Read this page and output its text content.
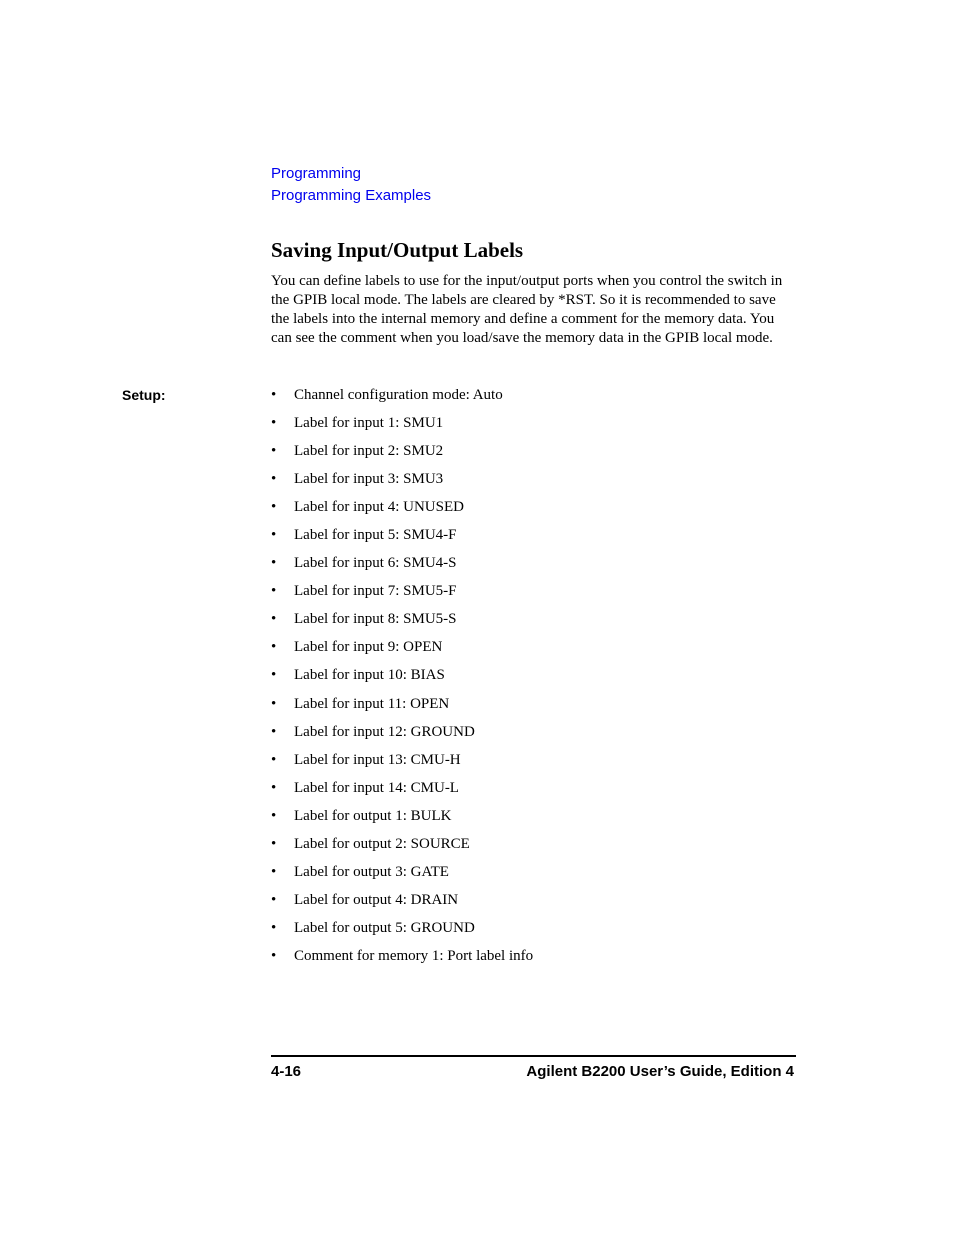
Programming
Programming Examples
Saving Input/Output Labels

You can define labels to use for the input/output ports when you control the switch in the GPIB local mode. The labels are cleared by *RST. So it is recommended to save the labels into the internal memory and define a comment for the memory data. You can see the comment when you load/save the memory data in the GPIB local mode.

Setup:	• Channel configuration mode: Auto
• Label for input 1: SMU1
• Label for input 2: SMU2
• Label for input 3: SMU3
• Label for input 4: UNUSED
• Label for input 5: SMU4-F
• Label for input 6: SMU4-S
• Label for input 7: SMU5-F
• Label for input 8: SMU5-S
• Label for input 9: OPEN
• Label for input 10: BIAS
• Label for input 11: OPEN
• Label for input 12: GROUND
• Label for input 13: CMU-H
• Label for input 14: CMU-L
• Label for output 1: BULK
• Label for output 2: SOURCE
• Label for output 3: GATE
• Label for output 4: DRAIN
• Label for output 5: GROUND
• Comment for memory 1: Port label info
4-16	Agilent B2200 User’s Guide, Edition 4
